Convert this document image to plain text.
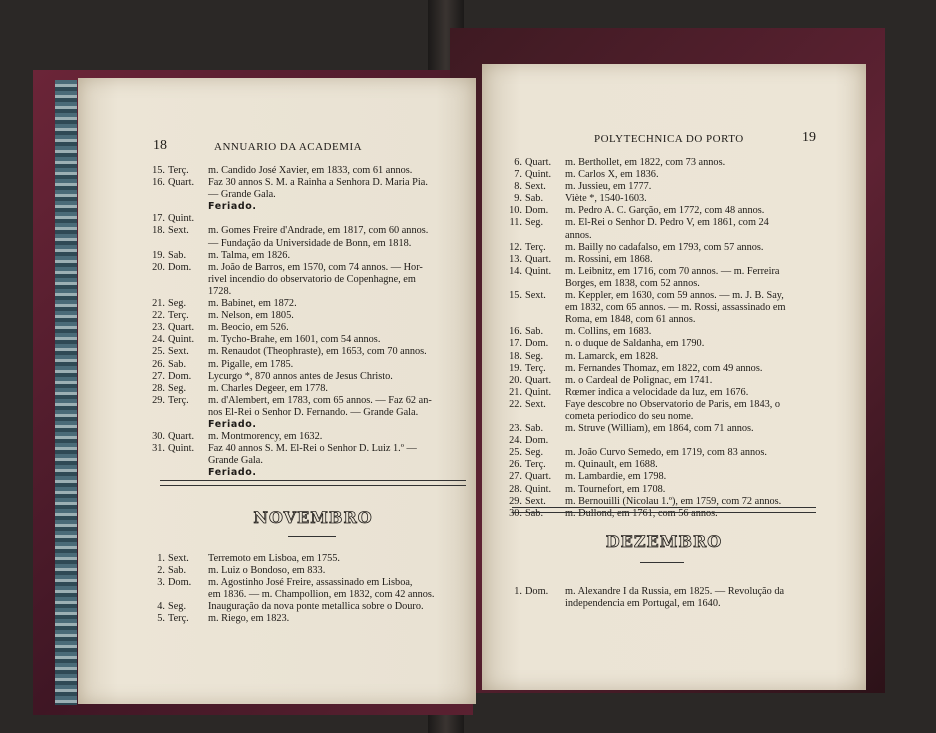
18	ANNUARIO DA ACADEMIA
15. Terç.	m. Candido José Xavier, em 1833, com 61 annos.
16. Quart.	Faz 30 annos S. M. a Rainha a Senhora D. Maria Pia.
— Grande Gala.
Feriado.
17. Quint.
18. Sext.	m. Gomes Freire d'Andrade, em 1817, com 60 annos.
— Fundação da Universidade de Bonn, em 1818.
19. Sab.	m. Talma, em 1826.
20. Dom.	m. João de Barros, em 1570, com 74 annos. — Hor-
rivel incendio do observatorio de Copenhagne, em
1728.
21. Seg.	m. Babinet, em 1872.
22. Terç.	m. Nelson, em 1805.
23. Quart.	m. Beocio, em 526.
24. Quint.	m. Tycho-Brahe, em 1601, com 54 annos.
25. Sext.	m. Renaudot (Theophraste), em 1653, com 70 annos.
26. Sab.	m. Pigalle, em 1785.
27. Dom.	Lycurgo *, 870 annos antes de Jesus Christo.
28. Seg.	m. Charles Degeer, em 1778.
29. Terç.	m. d'Alembert, em 1783, com 65 annos. — Faz 62 an-
nos El-Rei o Senhor D. Fernando. — Grande Gala.
Feriado.
30. Quart.	m. Montmorency, em 1632.
31. Quint.	Faz 40 annos S. M. El-Rei o Senhor D. Luiz 1.º —
Grande Gala.
Feriado.
NOVEMBRO
1. Sext.	Terremoto em Lisboa, em 1755.
2. Sab.	m. Luiz o Bondoso, em 833.
3. Dom.	m. Agostinho José Freire, assassinado em Lisboa,
em 1836. — m. Champollion, em 1832, com 42 annos.
4. Seg.	Inauguração da nova ponte metallica sobre o Douro.
5. Terç.	m. Riego, em 1823.
POLYTECHNICA DO PORTO	19
6. Quart.	m. Berthollet, em 1822, com 73 annos.
7. Quint.	m. Carlos X, em 1836.
8. Sext.	m. Jussieu, em 1777.
9. Sab.	Viète *, 1540-1603.
10. Dom.	m. Pedro A. C. Garção, em 1772, com 48 annos.
11. Seg.	m. El-Rei o Senhor D. Pedro V, em 1861, com 24
annos.
12. Terç.	m. Bailly no cadafalso, em 1793, com 57 annos.
13. Quart.	m. Rossini, em 1868.
14. Quint.	m. Leibnitz, em 1716, com 70 annos. — m. Ferreira
Borges, em 1838, com 52 annos.
15. Sext.	m. Keppler, em 1630, com 59 annos. — m. J. B. Say,
em 1832, com 65 annos. — m. Rossi, assassinado em
Roma, em 1848, com 61 annos.
16. Sab.	m. Collins, em 1683.
17. Dom.	n. o duque de Saldanha, em 1790.
18. Seg.	m. Lamarck, em 1828.
19. Terç.	m. Fernandes Thomaz, em 1822, com 49 annos.
20. Quart.	m. o Cardeal de Polignac, em 1741.
21. Quint.	Rœmer indica a velocidade da luz, em 1676.
22. Sext.	Faye descobre no Observatorio de Paris, em 1843, o
cometa periodico do seu nome.
23. Sab.	m. Struve (William), em 1864, com 71 annos.
24. Dom.
25. Seg.	m. João Curvo Semedo, em 1719, com 83 annos.
26. Terç.	m. Quinault, em 1688.
27. Quart.	m. Lambardie, em 1798.
28. Quint.	m. Tournefort, em 1708.
29. Sext.	m. Bernouilli (Nicolau 1.º), em 1759, com 72 annos.
30. Sab.	m. Dullond, em 1761, com 56 annos.
DEZEMBRO
1. Dom.	m. Alexandre I da Russia, em 1825. — Revolução da
independencia em Portugal, em 1640.
